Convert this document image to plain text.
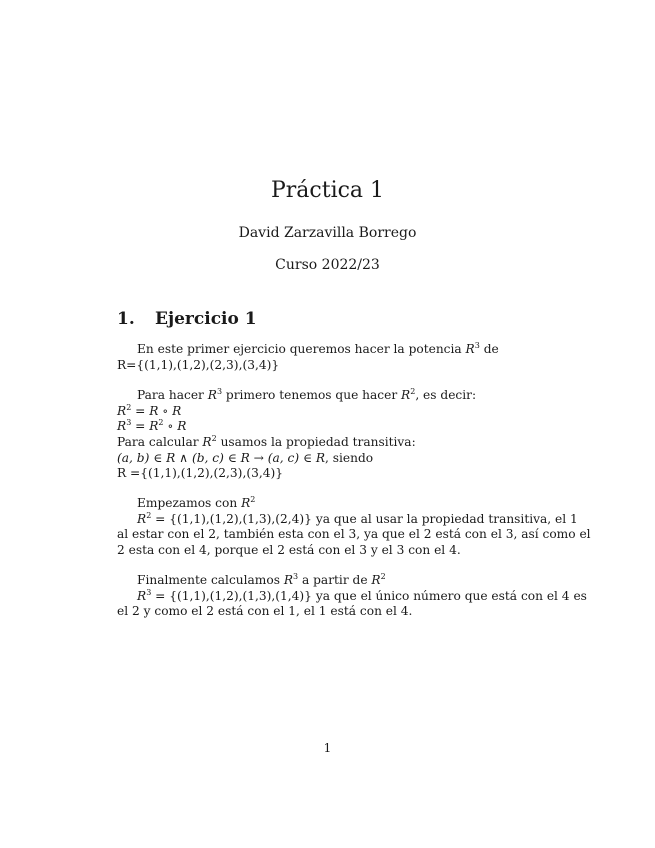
Práctica 1
David Zarzavilla Borrego
Curso 2022/23
1. Ejercicio 1
En este primer ejercicio queremos hacer la potencia $R^3$ de
R={(1,1),(1,2),(2,3),(3,4)}
Para hacer $R^3$ primero tenemos que hacer $R^2$, es decir:
$R^2 = R$ ∘ R
$R^3 = R^2$ ∘ R
Para calcular $R^2$ usamos la propiedad transitiva:
(a, b) ∈ R ∧ (b, c) ∈ R → (a, c) ∈ R, siendo
R ={(1,1),(1,2),(2,3),(3,4)}
Empezamos con $R^2$
$R^2 = \{(1,1),(1,2),(1,3),(2,4)\}$ ya que al usar la propiedad transitiva, el 1
al estar con el 2, también esta con el 3, ya que el 2 está con el 3, así como el
2 esta con el 4, porque el 2 está con el 3 y el 3 con el 4.
Finalmente calculamos $R^3$ a partir de $R^2$
$R^3 = \{(1,1),(1,2),(1,3),(1,4)\}$ ya que el único número que está con el 4 es
el 2 y como el 2 está con el 1, el 1 está con el 4.
1
